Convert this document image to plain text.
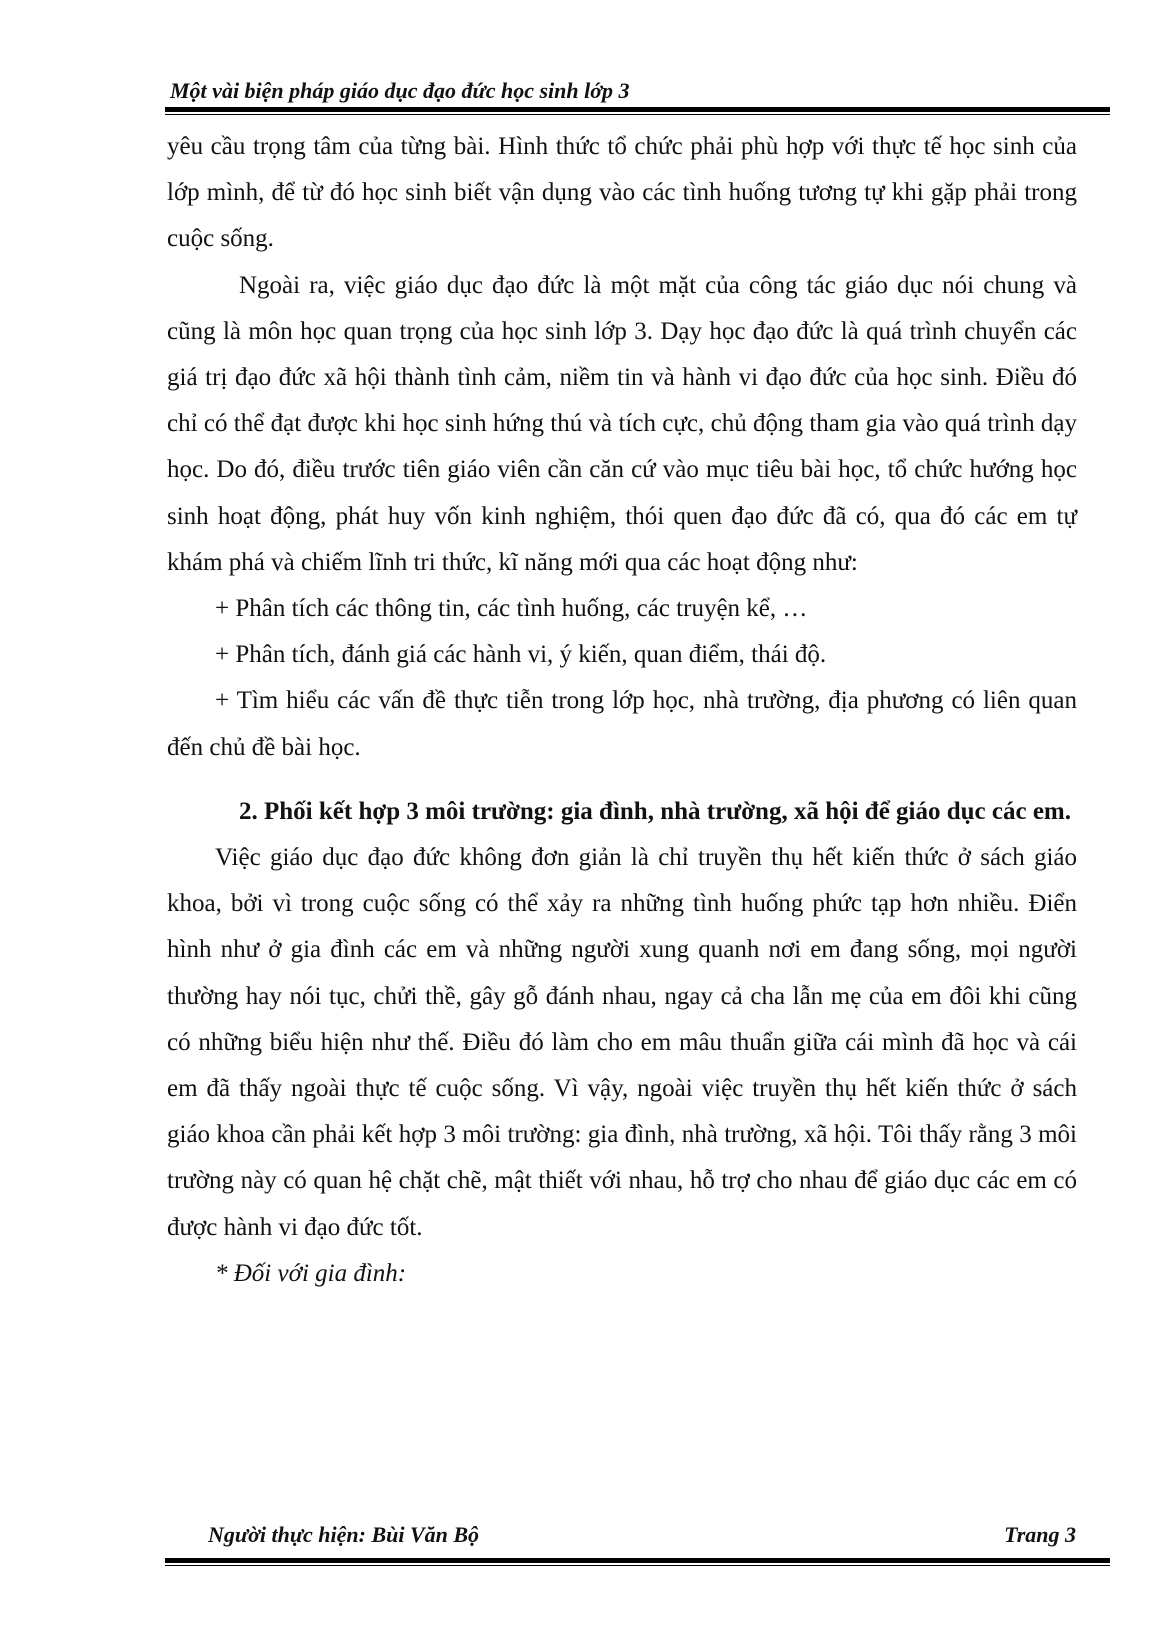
Một vài biện pháp giáo dục đạo đức học sinh lớp 3

yêu cầu trọng tâm của từng bài. Hình thức tổ chức phải phù hợp với thực tế học sinh của lớp mình, để từ đó học sinh biết vận dụng vào các tình huống tương tự khi gặp phải trong cuộc sống.

Ngoài ra, việc giáo dục đạo đức là một mặt của công tác giáo dục nói chung và cũng là môn học quan trọng của học sinh lớp 3. Dạy học đạo đức là quá trình chuyển các giá trị đạo đức xã hội thành tình cảm, niềm tin và hành vi đạo đức của học sinh. Điều đó chỉ có thể đạt được khi học sinh hứng thú và tích cực, chủ động tham gia vào quá trình dạy học. Do đó, điều trước tiên giáo viên cần căn cứ vào mục tiêu bài học, tổ chức hướng học sinh hoạt động, phát huy vốn kinh nghiệm, thói quen đạo đức đã có, qua đó các em tự khám phá và chiếm lĩnh tri thức, kĩ năng mới qua các hoạt động như:

+ Phân tích các thông tin, các tình huống, các truyện kể, …

+ Phân tích, đánh giá các hành vi, ý kiến, quan điểm, thái độ.

+ Tìm hiểu các vấn đề thực tiễn trong lớp học, nhà trường, địa phương có liên quan đến chủ đề bài học.

2. Phối kết hợp 3 môi trường: gia đình, nhà trường, xã hội để giáo dục các em.

Việc giáo dục đạo đức không đơn giản là chỉ truyền thụ hết kiến thức ở sách giáo khoa, bởi vì trong cuộc sống có thể xảy ra những tình huống phức tạp hơn nhiều. Điển hình như ở gia đình các em và những người xung quanh nơi em đang sống, mọi người thường hay nói tục, chửi thề, gây gỗ đánh nhau, ngay cả cha lẫn mẹ của em đôi khi cũng có những biểu hiện như thế. Điều đó làm cho em mâu thuẩn giữa cái mình đã học và cái em đã thấy ngoài thực tế cuộc sống. Vì vậy, ngoài việc truyền thụ hết kiến thức ở sách giáo khoa cần phải kết hợp 3 môi trường: gia đình, nhà trường, xã hội. Tôi thấy rằng 3 môi trường này có quan hệ chặt chẽ, mật thiết với nhau, hỗ trợ cho nhau để giáo dục các em có được hành vi đạo đức tốt.

* Đối với gia đình:

Người thực hiện: Bùi Văn Bộ	Trang 3
